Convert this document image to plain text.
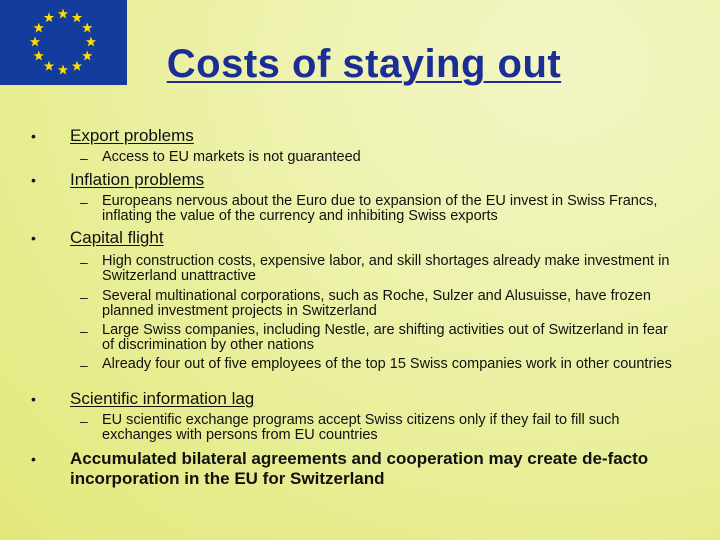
Costs of staying out
• Export problems
– Access to EU markets is not guaranteed
• Inflation problems
– Europeans nervous about the Euro due to expansion of the EU invest in Swiss Francs, inflating the value of the currency and inhibiting Swiss exports
• Capital flight
– High construction costs, expensive labor, and skill shortages already make investment in Switzerland unattractive
– Several multinational corporations, such as Roche, Sulzer and Alusuisse, have frozen planned investment projects in Switzerland
– Large Swiss companies, including Nestle, are shifting activities out of Switzerland in fear of discrimination by other nations
– Already four out of five employees of the top 15 Swiss companies work in other countries
• Scientific information lag
– EU scientific exchange programs accept Swiss citizens only if they fail to fill such exchanges with persons from EU countries
• Accumulated bilateral agreements and cooperation may create de-facto incorporation in the EU for Switzerland
